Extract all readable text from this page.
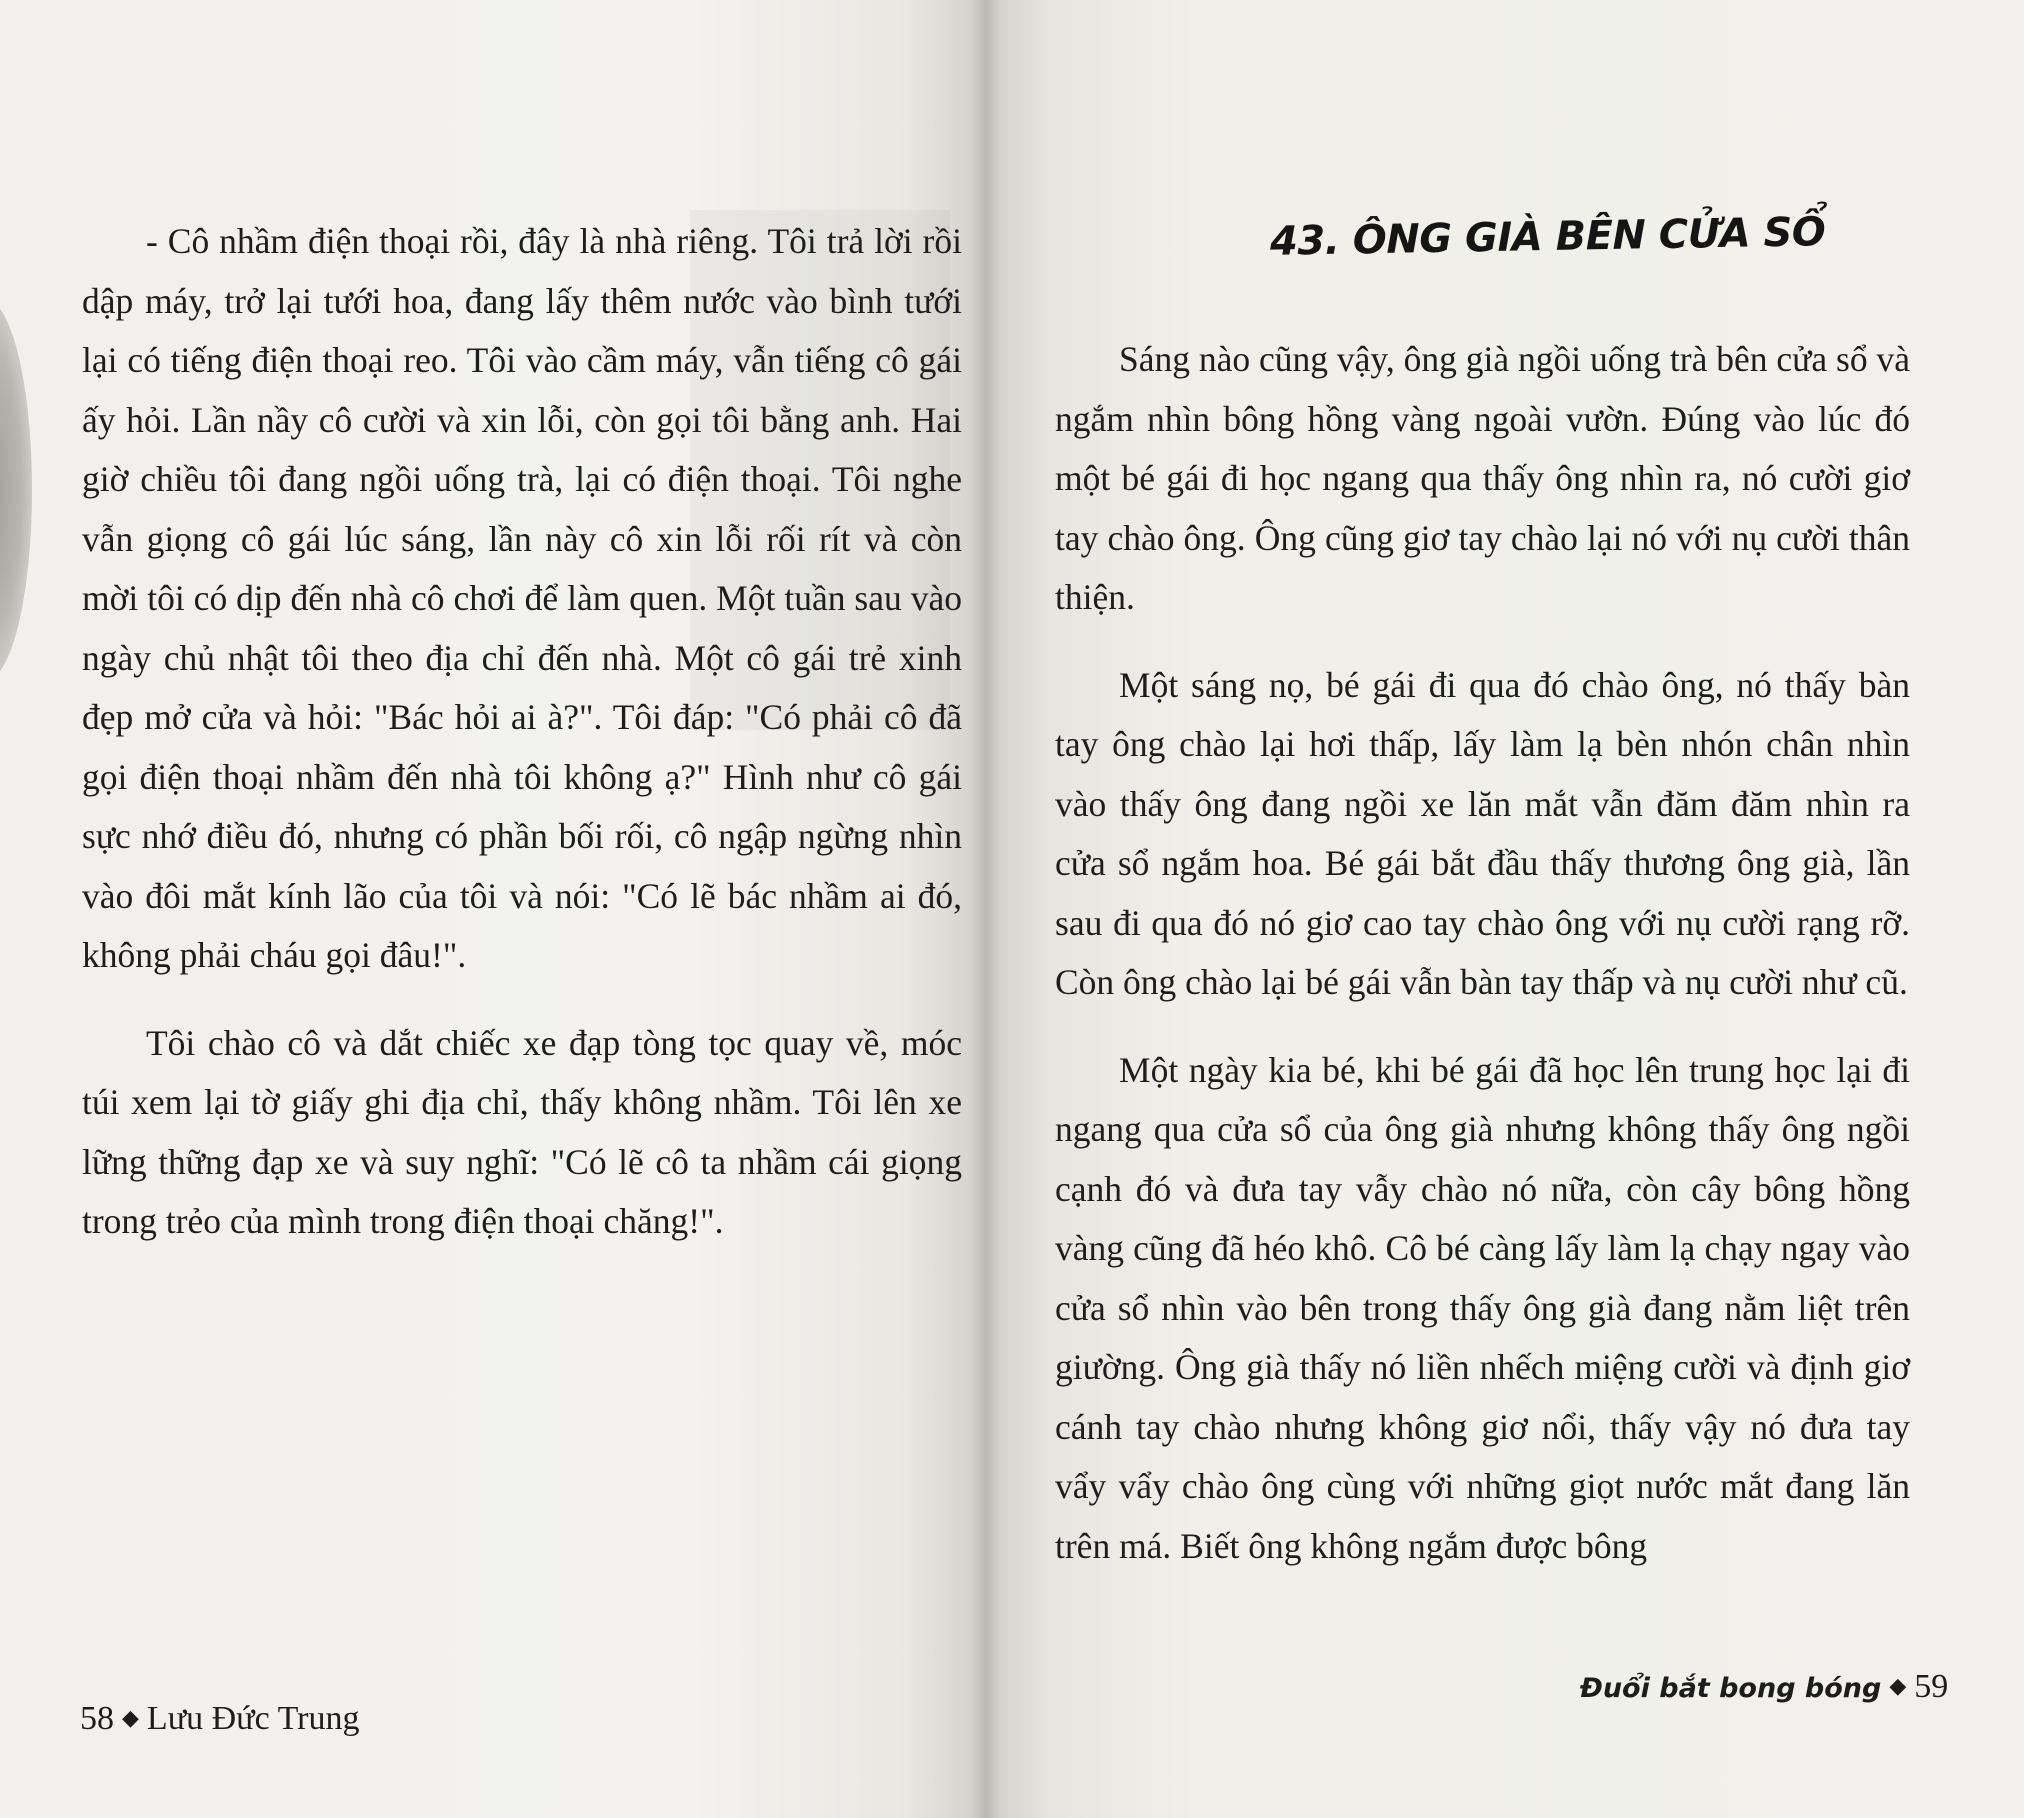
- Cô nhầm điện thoại rồi, đây là nhà riêng. Tôi trả lời rồi dập máy, trở lại tưới hoa, đang lấy thêm nước vào bình tưới lại có tiếng điện thoại reo. Tôi vào cầm máy, vẫn tiếng cô gái ấy hỏi. Lần nầy cô cười và xin lỗi, còn gọi tôi bằng anh. Hai giờ chiều tôi đang ngồi uống trà, lại có điện thoại. Tôi nghe vẫn giọng cô gái lúc sáng, lần này cô xin lỗi rối rít và còn mời tôi có dịp đến nhà cô chơi để làm quen. Một tuần sau vào ngày chủ nhật tôi theo địa chỉ đến nhà. Một cô gái trẻ xinh đẹp mở cửa và hỏi: "Bác hỏi ai à?". Tôi đáp: "Có phải cô đã gọi điện thoại nhầm đến nhà tôi không ạ?" Hình như cô gái sực nhớ điều đó, nhưng có phần bối rối, cô ngập ngừng nhìn vào đôi mắt kính lão của tôi và nói: "Có lẽ bác nhầm ai đó, không phải cháu gọi đâu!".

Tôi chào cô và dắt chiếc xe đạp tòng tọc quay về, móc túi xem lại tờ giấy ghi địa chỉ, thấy không nhầm. Tôi lên xe lững thững đạp xe và suy nghĩ: "Có lẽ cô ta nhầm cái giọng trong trẻo của mình trong điện thoại chăng!".

58 ◆ Lưu Đức Trung
43. ÔNG GIÀ BÊN CỬA SỔ

Sáng nào cũng vậy, ông già ngồi uống trà bên cửa sổ và ngắm nhìn bông hồng vàng ngoài vườn. Đúng vào lúc đó một bé gái đi học ngang qua thấy ông nhìn ra, nó cười giơ tay chào ông. Ông cũng giơ tay chào lại nó với nụ cười thân thiện.

Một sáng nọ, bé gái đi qua đó chào ông, nó thấy bàn tay ông chào lại hơi thấp, lấy làm lạ bèn nhón chân nhìn vào thấy ông đang ngồi xe lăn mắt vẫn đăm đăm nhìn ra cửa sổ ngắm hoa. Bé gái bắt đầu thấy thương ông già, lần sau đi qua đó nó giơ cao tay chào ông với nụ cười rạng rỡ. Còn ông chào lại bé gái vẫn bàn tay thấp và nụ cười như cũ.

Một ngày kia bé, khi bé gái đã học lên trung học lại đi ngang qua cửa sổ của ông già nhưng không thấy ông ngồi cạnh đó và đưa tay vẫy chào nó nữa, còn cây bông hồng vàng cũng đã héo khô. Cô bé càng lấy làm lạ chạy ngay vào cửa sổ nhìn vào bên trong thấy ông già đang nằm liệt trên giường. Ông già thấy nó liền nhếch miệng cười và định giơ cánh tay chào nhưng không giơ nổi, thấy vậy nó đưa tay vẩy vẩy chào ông cùng với những giọt nước mắt đang lăn trên má. Biết ông không ngắm được bông

Đuổi bắt bong bóng ◆ 59
